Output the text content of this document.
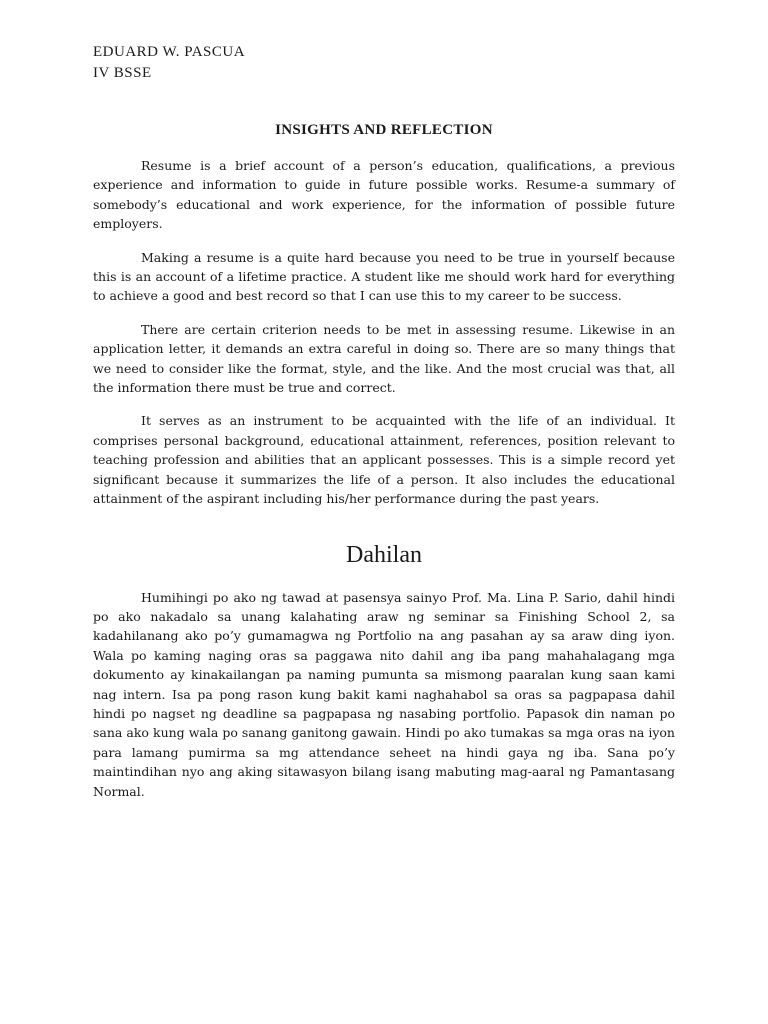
EDUARD W. PASCUA

IV BSSE

INSIGHTS AND REFLECTION

Resume is a brief account of a person’s education, qualifications, a previous experience and information to guide in future possible works. Resume-a summary of somebody’s educational and work experience, for the information of possible future employers.

Making a resume is a quite hard because you need to be true in yourself because this is an account of a lifetime practice. A student like me should work hard for everything to achieve a good and best record so that I can use this to my career to be success.

There are certain criterion needs to be met in assessing resume. Likewise in an application letter, it demands an extra careful in doing so. There are so many things that we need to consider like the format, style, and the like. And the most crucial was that, all the information there must be true and correct.

It serves as an instrument to be acquainted with the life of an individual. It comprises personal background, educational attainment, references, position relevant to teaching profession and abilities that an applicant possesses. This is a simple record yet significant because it summarizes the life of a person. It also includes the educational attainment of the aspirant including his/her performance during the past years.

Dahilan

Humihingi po ako ng tawad at pasensya sainyo Prof. Ma. Lina P. Sario, dahil hindi po ako nakadalo sa unang kalahating araw ng seminar sa Finishing School 2, sa kadahilanang ako po’y gumamagwa ng Portfolio na ang pasahan ay sa araw ding iyon. Wala po kaming naging oras sa paggawa nito dahil ang iba pang mahahalagang mga dokumento ay kinakailangan pa naming pumunta sa mismong paaralan kung saan kami nag intern. Isa pa pong rason kung bakit kami naghahabol sa oras sa pagpapasa dahil hindi po nagset ng deadline sa pagpapasa ng nasabing portfolio. Papasok din naman po sana ako kung wala po sanang ganitong gawain. Hindi po ako tumakas sa mga oras na iyon para lamang pumirma sa mg attendance seheet na hindi gaya ng iba. Sana po’y maintindihan nyo ang aking sitawasyon bilang isang mabuting mag-aaral ng Pamantasang Normal.
